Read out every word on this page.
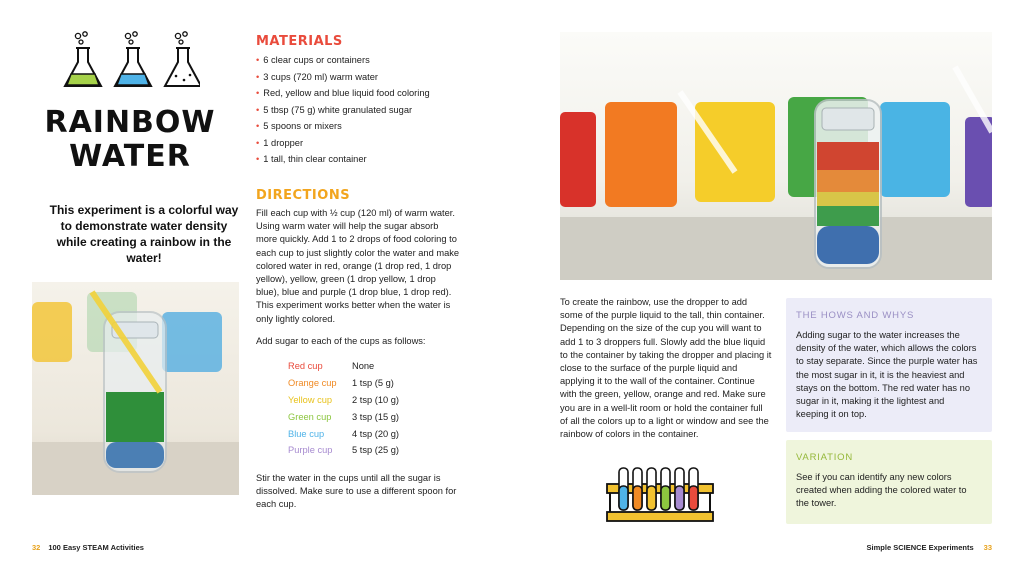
RAINBOW
WATER
This experiment is a colorful way to demonstrate water density while creating a rainbow in the water!
MATERIALS
• 6 clear cups or containers
• 3 cups (720 ml) warm water
• Red, yellow and blue liquid food coloring
• 5 tbsp (75 g) white granulated sugar
• 5 spoons or mixers
• 1 dropper
• 1 tall, thin clear container
DIRECTIONS
Fill each cup with ½ cup (120 ml) of warm water. Using warm water will help the sugar absorb more quickly. Add 1 to 2 drops of food coloring to each cup to just slightly color the water and make colored water in red, orange (1 drop red, 1 drop yellow), yellow, green (1 drop yellow, 1 drop blue), blue and purple (1 drop blue, 1 drop red). This experiment works better when the water is only lightly colored.
Add sugar to each of the cups as follows:
Red cup	None
Orange cup	1 tsp (5 g)
Yellow cup	2 tsp (10 g)
Green cup	3 tsp (15 g)
Blue cup	4 tsp (20 g)
Purple cup	5 tsp (25 g)
Stir the water in the cups until all the sugar is dissolved. Make sure to use a different spoon for each cup.
32 100 Easy STEAM Activities
To create the rainbow, use the dropper to add some of the purple liquid to the tall, thin container. Depending on the size of the cup you will want to add 1 to 3 droppers full. Slowly add the blue liquid to the container by taking the dropper and placing it close to the surface of the purple liquid and applying it to the wall of the container. Continue with the green, yellow, orange and red. Make sure you are in a well-lit room or hold the container full of all the colors up to a light or window and see the rainbow of colors in the container.
THE HOWS AND WHYS
Adding sugar to the water increases the density of the water, which allows the colors to stay separate. Since the purple water has the most sugar in it, it is the heaviest and stays on the bottom. The red water has no sugar in it, making it the lightest and keeping it on top.
VARIATION
See if you can identify any new colors created when adding the colored water to the tower.
Simple SCIENCE Experiments 33
